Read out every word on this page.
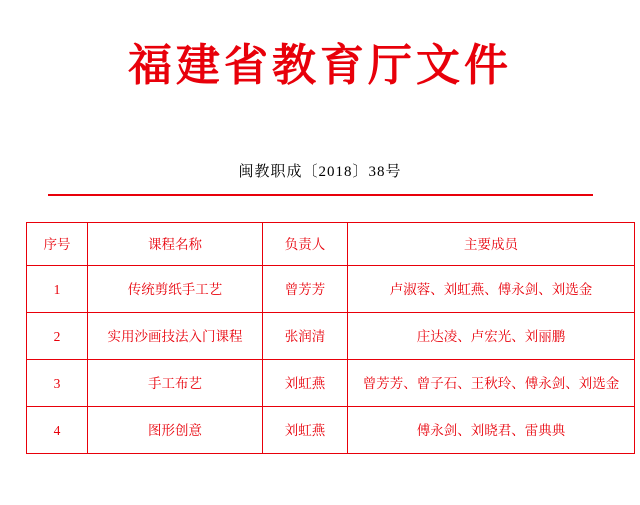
福建省教育厅文件
闽教职成〔2018〕38号
序号	课程名称	负责人	主要成员
1	传统剪纸手工艺	曾芳芳	卢淑蓉、刘虹燕、傅永剑、刘选金
2	实用沙画技法入门课程	张润清	庄达凌、卢宏光、刘丽鹏
3	手工布艺	刘虹燕	曾芳芳、曾子石、王秋玲、傅永剑、刘选金
4	图形创意	刘虹燕	傅永剑、刘晓君、雷典典
